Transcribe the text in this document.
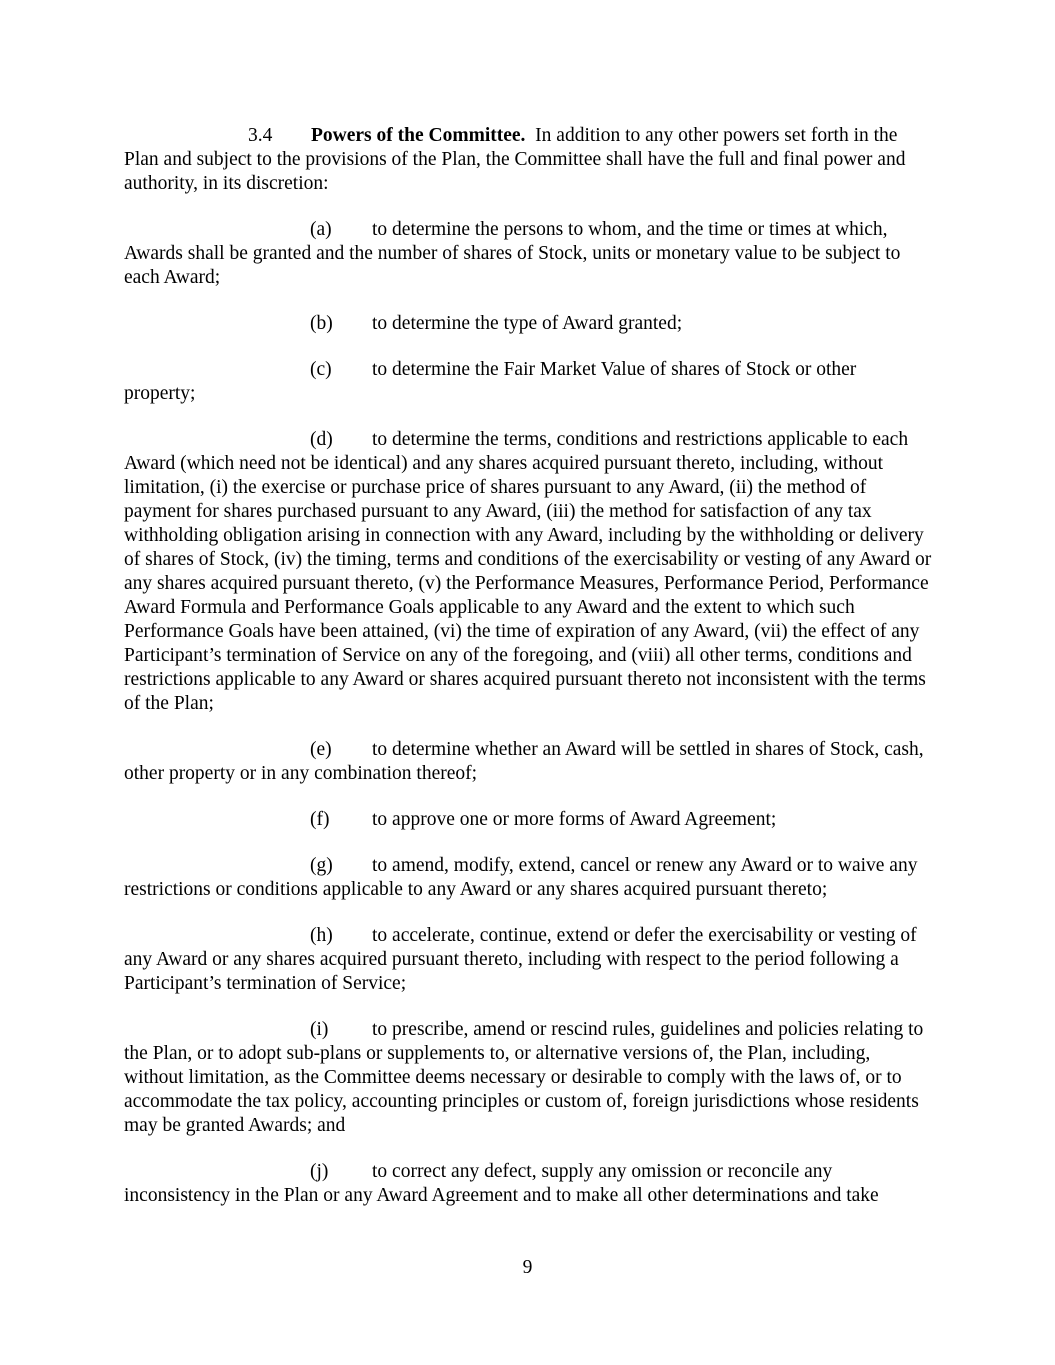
3.4 Powers of the Committee. In addition to any other powers set forth in the Plan and subject to the provisions of the Plan, the Committee shall have the full and final power and authority, in its discretion:

(a) to determine the persons to whom, and the time or times at which, Awards shall be granted and the number of shares of Stock, units or monetary value to be subject to each Award;

(b) to determine the type of Award granted;

(c) to determine the Fair Market Value of shares of Stock or other
property;

(d) to determine the terms, conditions and restrictions applicable to each Award (which need not be identical) and any shares acquired pursuant thereto, including, without limitation, (i) the exercise or purchase price of shares pursuant to any Award, (ii) the method of payment for shares purchased pursuant to any Award, (iii) the method for satisfaction of any tax withholding obligation arising in connection with any Award, including by the withholding or delivery of shares of Stock, (iv) the timing, terms and conditions of the exercisability or vesting of any Award or any shares acquired pursuant thereto, (v) the Performance Measures, Performance Period, Performance Award Formula and Performance Goals applicable to any Award and the extent to which such Performance Goals have been attained, (vi) the time of expiration of any Award, (vii) the effect of any Participant’s termination of Service on any of the foregoing, and (viii) all other terms, conditions and restrictions applicable to any Award or shares acquired pursuant thereto not inconsistent with the terms of the Plan;

(e) to determine whether an Award will be settled in shares of Stock, cash, other property or in any combination thereof;

(f) to approve one or more forms of Award Agreement;

(g) to amend, modify, extend, cancel or renew any Award or to waive any restrictions or conditions applicable to any Award or any shares acquired pursuant thereto;

(h) to accelerate, continue, extend or defer the exercisability or vesting of any Award or any shares acquired pursuant thereto, including with respect to the period following a Participant’s termination of Service;

(i) to prescribe, amend or rescind rules, guidelines and policies relating to the Plan, or to adopt sub-plans or supplements to, or alternative versions of, the Plan, including, without limitation, as the Committee deems necessary or desirable to comply with the laws of, or to accommodate the tax policy, accounting principles or custom of, foreign jurisdictions whose residents may be granted Awards; and

(j) to correct any defect, supply any omission or reconcile any inconsistency in the Plan or any Award Agreement and to make all other determinations and take

9
